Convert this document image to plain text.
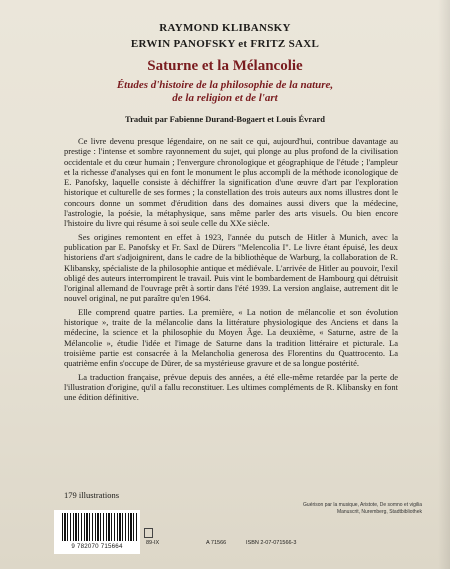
RAYMOND KLIBANSKY
ERWIN PANOFSKY et FRITZ SAXL
Saturne et la Mélancolie
Études d'histoire de la philosophie de la nature,
de la religion et de l'art
Traduit par Fabienne Durand-Bogaert et Louis Évrard

Ce livre devenu presque légendaire, on ne sait ce qui, aujourd'hui, contribue davantage au prestige : l'intense et sombre rayonnement du sujet, qui plonge au plus profond de la civilisation occidentale et du cœur humain ; l'envergure chronologique et géographique de l'étude ; l'ampleur et la richesse d'analyses qui en font le monument le plus accompli de la méthode iconologique de E. Panofsky, laquelle consiste à déchiffrer la signification d'une œuvre d'art par l'exploration historique et culturelle de ses formes ; la constellation des trois auteurs aux noms illustres dont le concours donne un sommet d'érudition dans des domaines aussi divers que la médecine, l'astrologie, la poésie, la métaphysique, sans même parler des arts visuels. Ou bien encore l'histoire du livre qui résume à soi seule celle du XXe siècle.

Ses origines remontent en effet à 1923, l'année du putsch de Hitler à Munich, avec la publication par E. Panofsky et Fr. Saxl de Dürers "Melencolia I". Le livre étant épuisé, les deux historiens d'art s'adjoignirent, dans le cadre de la bibliothèque de Warburg, la collaboration de R. Klibansky, spécialiste de la philosophie antique et médiévale. L'arrivée de Hitler au pouvoir, l'exil obligé des auteurs interrompirent le travail. Puis vint le bombardement de Hambourg qui détruisit l'original allemand de l'ouvrage prêt à sortir dans l'été 1939. La version anglaise, autrement dit le nouvel original, ne put paraître qu'en 1964.

Elle comprend quatre parties. La première, « La notion de mélancolie et son évolution historique », traite de la mélancolie dans la littérature physiologique des Anciens et dans la médecine, la science et la philosophie du Moyen Âge. La deuxième, « Saturne, astre de la Mélancolie », étudie l'idée et l'image de Saturne dans la tradition littéraire et picturale. La troisième partie est consacrée à la Melancholia generosa des Florentins du Quattrocento. La quatrième enfin s'occupe de Dürer, de sa mystérieuse gravure et de sa longue postérité.

La traduction française, prévue depuis des années, a été elle-même retardée par la perte de l'illustration d'origine, qu'il a fallu reconstituer. Les ultimes compléments de R. Klibansky en font une édition définitive.

179 illustrations
Guérison par la musique, Aristote, De somno et vigilia
Manuscrit, Nuremberg, Stadtbibliothek
9 782070 715664	89-IX	A 71566	ISBN 2-07-071566-3
